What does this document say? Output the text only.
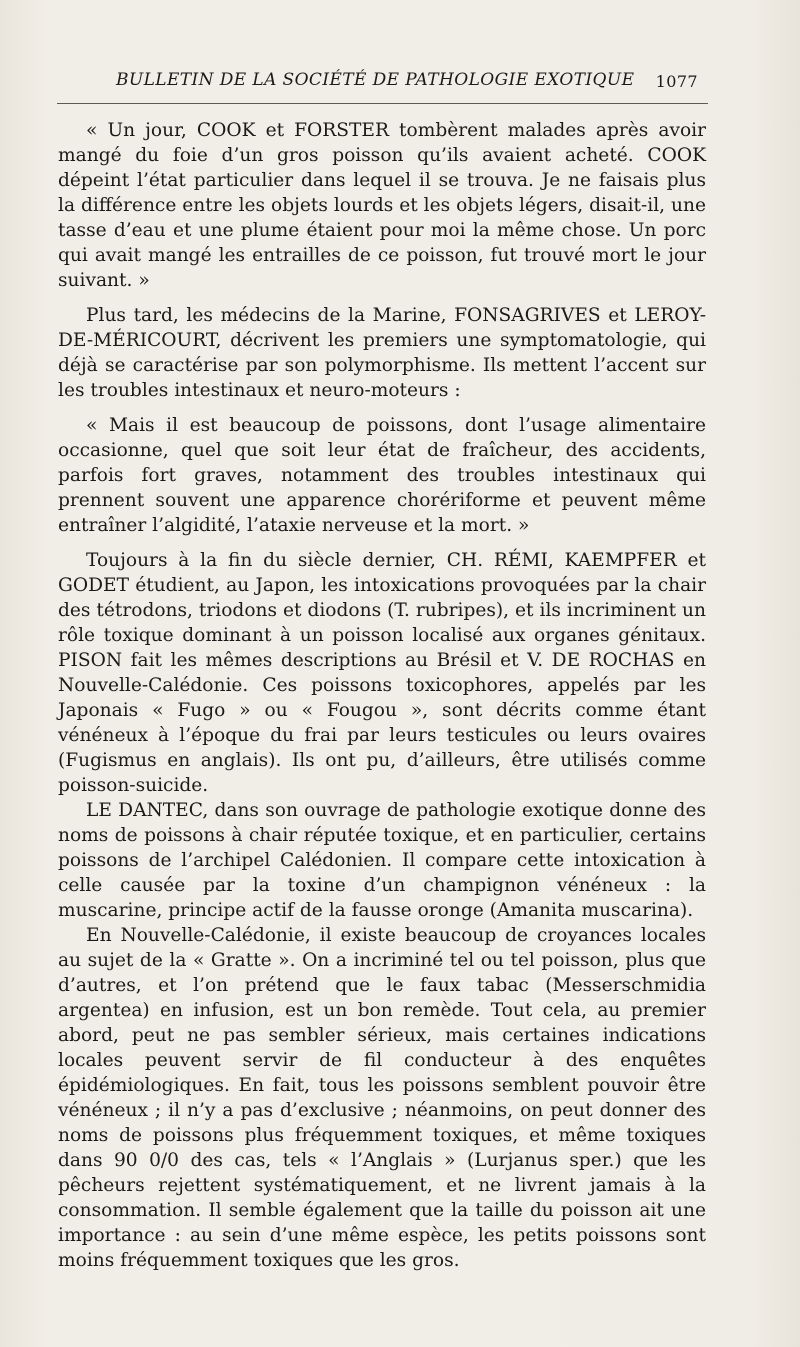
BULLETIN DE LA SOCIÉTÉ DE PATHOLOGIE EXOTIQUE 1077

« Un jour, COOK et FORSTER tombèrent malades après avoir mangé du foie d’un gros poisson qu’ils avaient acheté. COOK dépeint l’état particulier dans lequel il se trouva. Je ne faisais plus la différence entre les objets lourds et les objets légers, disait-il, une tasse d’eau et une plume étaient pour moi la même chose. Un porc qui avait mangé les entrailles de ce poisson, fut trouvé mort le jour suivant. »

Plus tard, les médecins de la Marine, FONSAGRIVES et LEROY-DE-MÉRICOURT, décrivent les premiers une symptomatologie, qui déjà se caractérise par son polymorphisme. Ils mettent l’accent sur les troubles intestinaux et neuro-moteurs :

« Mais il est beaucoup de poissons, dont l’usage alimentaire occasionne, quel que soit leur état de fraîcheur, des accidents, parfois fort graves, notamment des troubles intestinaux qui prennent souvent une apparence chorériforme et peuvent même entraîner l’algidité, l’ataxie nerveuse et la mort. »

Toujours à la fin du siècle dernier, CH. RÉMI, KAEMPFER et GODET étudient, au Japon, les intoxications provoquées par la chair des tétrodons, triodons et diodons (T. rubripes), et ils incriminent un rôle toxique dominant à un poisson localisé aux organes génitaux. PISON fait les mêmes descriptions au Brésil et V. DE ROCHAS en Nouvelle-Calédonie. Ces poissons toxicophores, appelés par les Japonais « Fugo » ou « Fougou », sont décrits comme étant vénéneux à l’époque du frai par leurs testicules ou leurs ovaires (Fugismus en anglais). Ils ont pu, d’ailleurs, être utilisés comme poisson-suicide.

LE DANTEC, dans son ouvrage de pathologie exotique donne des noms de poissons à chair réputée toxique, et en particulier, certains poissons de l’archipel Calédonien. Il compare cette intoxication à celle causée par la toxine d’un champignon vénéneux : la muscarine, principe actif de la fausse oronge (Amanita muscarina).

En Nouvelle-Calédonie, il existe beaucoup de croyances locales au sujet de la « Gratte ». On a incriminé tel ou tel poisson, plus que d’autres, et l’on prétend que le faux tabac (Messerschmidia argentea) en infusion, est un bon remède. Tout cela, au premier abord, peut ne pas sembler sérieux, mais certaines indications locales peuvent servir de fil conducteur à des enquêtes épidémiologiques. En fait, tous les poissons semblent pouvoir être vénéneux ; il n’y a pas d’exclusive ; néanmoins, on peut donner des noms de poissons plus fréquemment toxiques, et même toxiques dans 90 0/0 des cas, tels « l’Anglais » (Lurjanus sper.) que les pêcheurs rejettent systématiquement, et ne livrent jamais à la consommation. Il semble également que la taille du poisson ait une importance : au sein d’une même espèce, les petits poissons sont moins fréquemment toxiques que les gros.
